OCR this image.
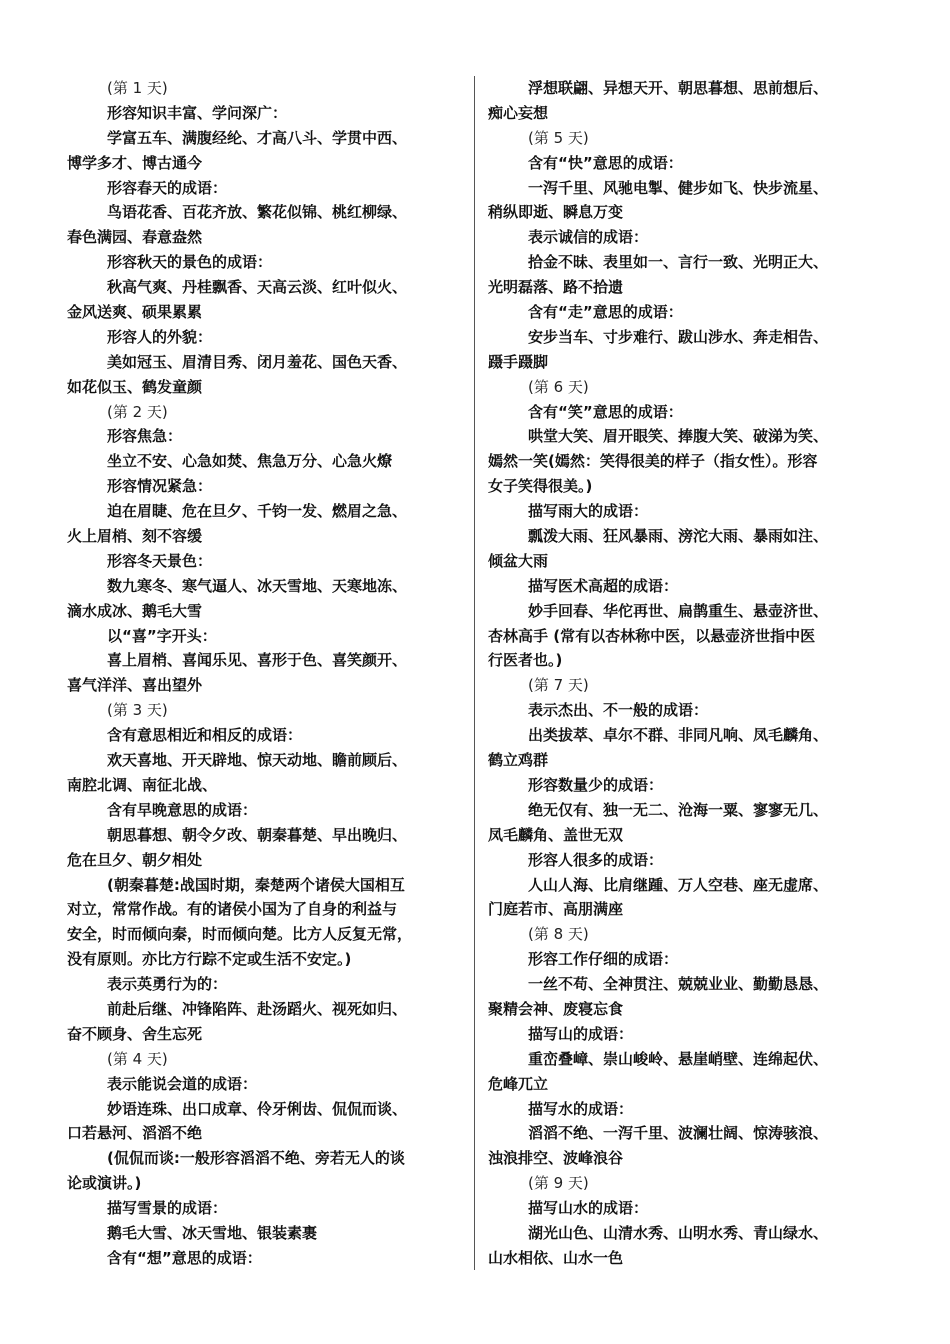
(第 1 天)
形容知识丰富、学问深广：
学富五车、满腹经纶、才高八斗、学贯中西、
博学多才、博古通今
形容春天的成语：
鸟语花香、百花齐放、繁花似锦、桃红柳绿、
春色满园、春意盎然
形容秋天的景色的成语：
秋高气爽、丹桂飘香、天高云淡、红叶似火、
金风送爽、硕果累累
形容人的外貌：
美如冠玉、眉清目秀、闭月羞花、国色天香、
如花似玉、鹤发童颜
(第 2 天)
形容焦急：
坐立不安、心急如焚、焦急万分、心急火燎
形容情况紧急：
迫在眉睫、危在旦夕、千钧一发、燃眉之急、
火上眉梢、刻不容缓
形容冬天景色：
数九寒冬、寒气逼人、冰天雪地、天寒地冻、
滴水成冰、鹅毛大雪
以“喜”字开头：
喜上眉梢、喜闻乐见、喜形于色、喜笑颜开、
喜气洋洋、喜出望外
(第 3 天)
含有意思相近和相反的成语：
欢天喜地、开天辟地、惊天动地、瞻前顾后、
南腔北调、南征北战、
含有早晚意思的成语：
朝思暮想、朝令夕改、朝秦暮楚、早出晚归、
危在旦夕、朝夕相处
(朝秦暮楚:战国时期，秦楚两个诸侯大国相互
对立，常常作战。有的诸侯小国为了自身的利益与
安全，时而倾向秦，时而倾向楚。比方人反复无常，
没有原则。亦比方行踪不定或生活不安定。)
表示英勇行为的：
前赴后继、冲锋陷阵、赴汤蹈火、视死如归、
奋不顾身、舍生忘死
(第 4 天)
表示能说会道的成语：
妙语连珠、出口成章、伶牙俐齿、侃侃而谈、
口若悬河、滔滔不绝
(侃侃而谈:一般形容滔滔不绝、旁若无人的谈
论或演讲。)
描写雪景的成语：
鹅毛大雪、冰天雪地、银装素裹
含有“想”意思的成语：
浮想联翩、异想天开、朝思暮想、思前想后、
痴心妄想
(第 5 天)
含有“快”意思的成语：
一泻千里、风驰电掣、健步如飞、快步流星、
稍纵即逝、瞬息万变
表示诚信的成语：
拾金不昧、表里如一、言行一致、光明正大、
光明磊落、路不拾遗
含有“走”意思的成语：
安步当车、寸步难行、跋山涉水、奔走相告、
蹑手蹑脚
(第 6 天)
含有“笑”意思的成语：
哄堂大笑、眉开眼笑、捧腹大笑、破涕为笑、
嫣然一笑(嫣然：笑得很美的样子（指女性）。形容
女子笑得很美。)
描写雨大的成语：
瓢泼大雨、狂风暴雨、滂沱大雨、暴雨如注、
倾盆大雨
描写医术高超的成语：
妙手回春、华佗再世、扁鹊重生、悬壶济世、
杏林高手 (常有以杏林称中医，以悬壶济世指中医
行医者也。)
(第 7 天)
表示杰出、不一般的成语：
出类拔萃、卓尔不群、非同凡响、凤毛麟角、
鹤立鸡群
形容数量少的成语：
绝无仅有、独一无二、沧海一粟、寥寥无几、
凤毛麟角、盖世无双
形容人很多的成语：
人山人海、比肩继踵、万人空巷、座无虚席、
门庭若市、高朋满座
(第 8 天)
形容工作仔细的成语：
一丝不苟、全神贯注、兢兢业业、勤勤恳恳、
聚精会神、废寝忘食
描写山的成语：
重峦叠嶂、崇山峻岭、悬崖峭壁、连绵起伏、
危峰兀立
描写水的成语：
滔滔不绝、一泻千里、波澜壮阔、惊涛骇浪、
浊浪排空、波峰浪谷
(第 9 天)
描写山水的成语：
湖光山色、山清水秀、山明水秀、青山绿水、
山水相依、山水一色
